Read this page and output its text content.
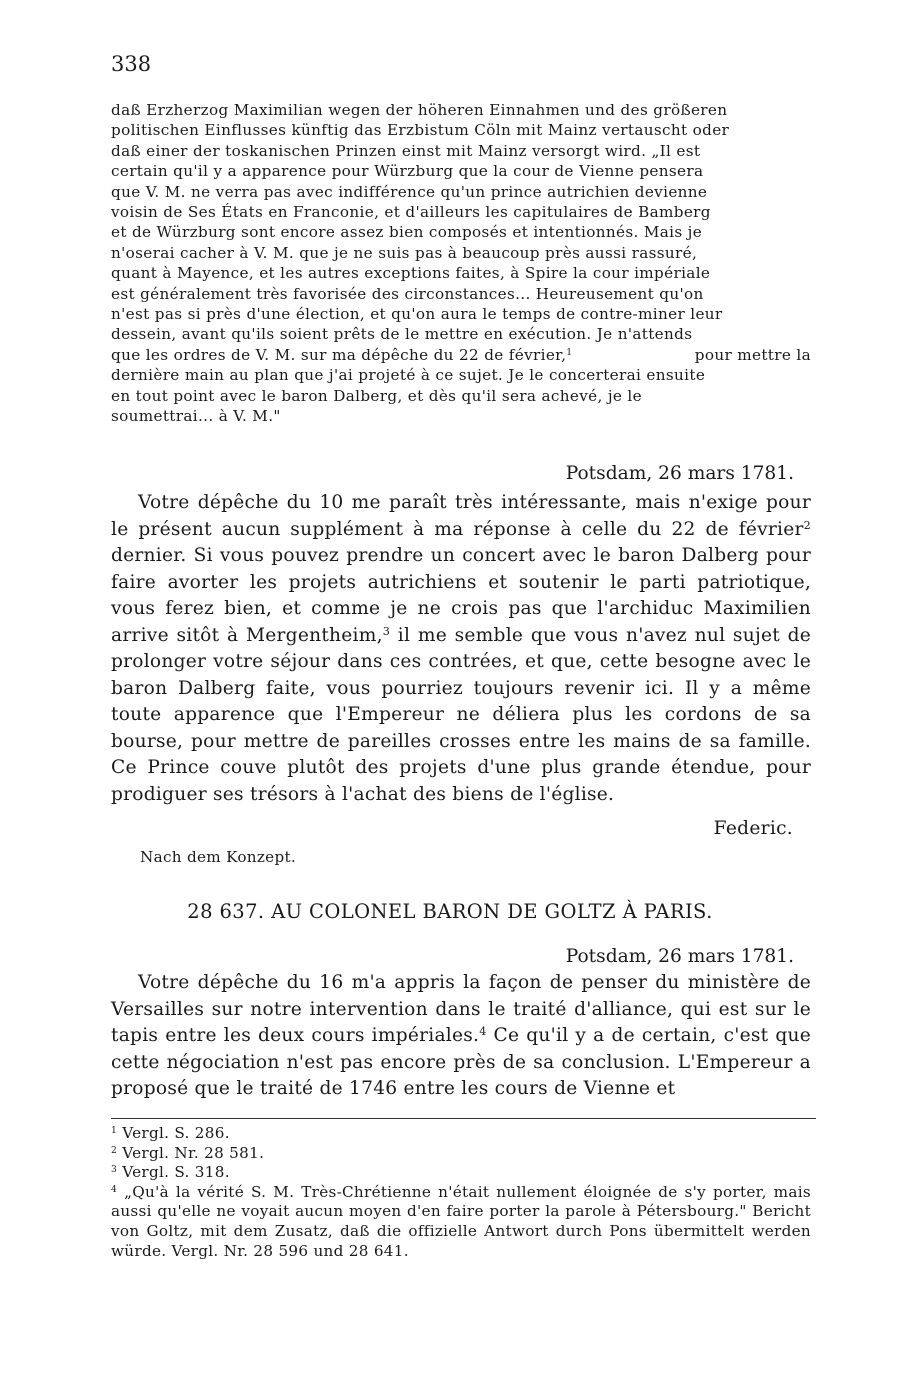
338

daß Erzherzog Maximilian wegen der höheren Einnahmen und des größeren

politischen Einflusses künftig das Erzbistum Cöln mit Mainz vertauscht oder

daß einer der toskanischen Prinzen einst mit Mainz versorgt wird. „Il est

certain qu'il y a apparence pour Würzburg que la cour de Vienne pensera

que V. M. ne verra pas avec indifférence qu'un prince autrichien devienne

voisin de Ses États en Franconie, et d'ailleurs les capitulaires de Bamberg

et de Würzburg sont encore assez bien composés et intentionnés. Mais je

n'oserai cacher à V. M. que je ne suis pas à beaucoup près aussi rassuré,

quant à Mayence, et les autres exceptions faites, à Spire la cour impériale

est généralement très favorisée des circonstances... Heureusement qu'on

n'est pas si près d'une élection, et qu'on aura le temps de contre-miner leur

dessein, avant qu'ils soient prêts de le mettre en exécution. Je n'attends

que les ordres de V. M. sur ma dépêche du 22 de février,$^1$	pour mettre la

dernière main au plan que j'ai projeté à ce sujet. Je le concerterai ensuite

en tout point avec le baron Dalberg, et dès qu'il sera achevé, je le

soumettrai... à V. M."

Potsdam, 26 mars 1781.

Votre dépêche du 10 me paraît très intéressante, mais n'exige pour le présent aucun supplément à ma réponse à celle du 22 de février$^2$ dernier. Si vous pouvez prendre un concert avec le baron Dalberg pour faire avorter les projets autrichiens et soutenir le parti patriotique, vous ferez bien, et comme je ne crois pas que l'archiduc Maximilien arrive sitôt à Mergentheim,$^3$ il me semble que vous n'avez nul sujet de prolonger votre séjour dans ces contrées, et que, cette besogne avec le baron Dalberg faite, vous pourriez toujours revenir ici. Il y a même toute apparence que l'Empereur ne déliera plus les cordons de sa bourse, pour mettre de pareilles crosses entre les mains de sa famille. Ce Prince couve plutôt des projets d'une plus grande étendue, pour prodiguer ses trésors à l'achat des biens de l'église.

Federic.
Nach dem Konzept.
28 637. AU COLONEL BARON DE GOLTZ À PARIS.
Potsdam, 26 mars 1781.

Votre dépêche du 16 m'a appris la façon de penser du ministère de Versailles sur notre intervention dans le traité d'alliance, qui est sur le tapis entre les deux cours impériales.$^4$ Ce qu'il y a de certain, c'est que cette négociation n'est pas encore près de sa conclusion. L'Empereur a proposé que le traité de 1746 entre les cours de Vienne et

$^1$ Vergl. S. 286.

$^2$ Vergl. Nr. 28 581.

$^3$ Vergl. S. 318.

$^4$ „Qu'à la vérité S. M. Très-Chrétienne n'était nullement éloignée de s'y porter, mais aussi qu'elle ne voyait aucun moyen d'en faire porter la parole à Pétersbourg." Bericht von Goltz, mit dem Zusatz, daß die offizielle Antwort durch Pons übermittelt werden würde. Vergl. Nr. 28 596 und 28 641.
